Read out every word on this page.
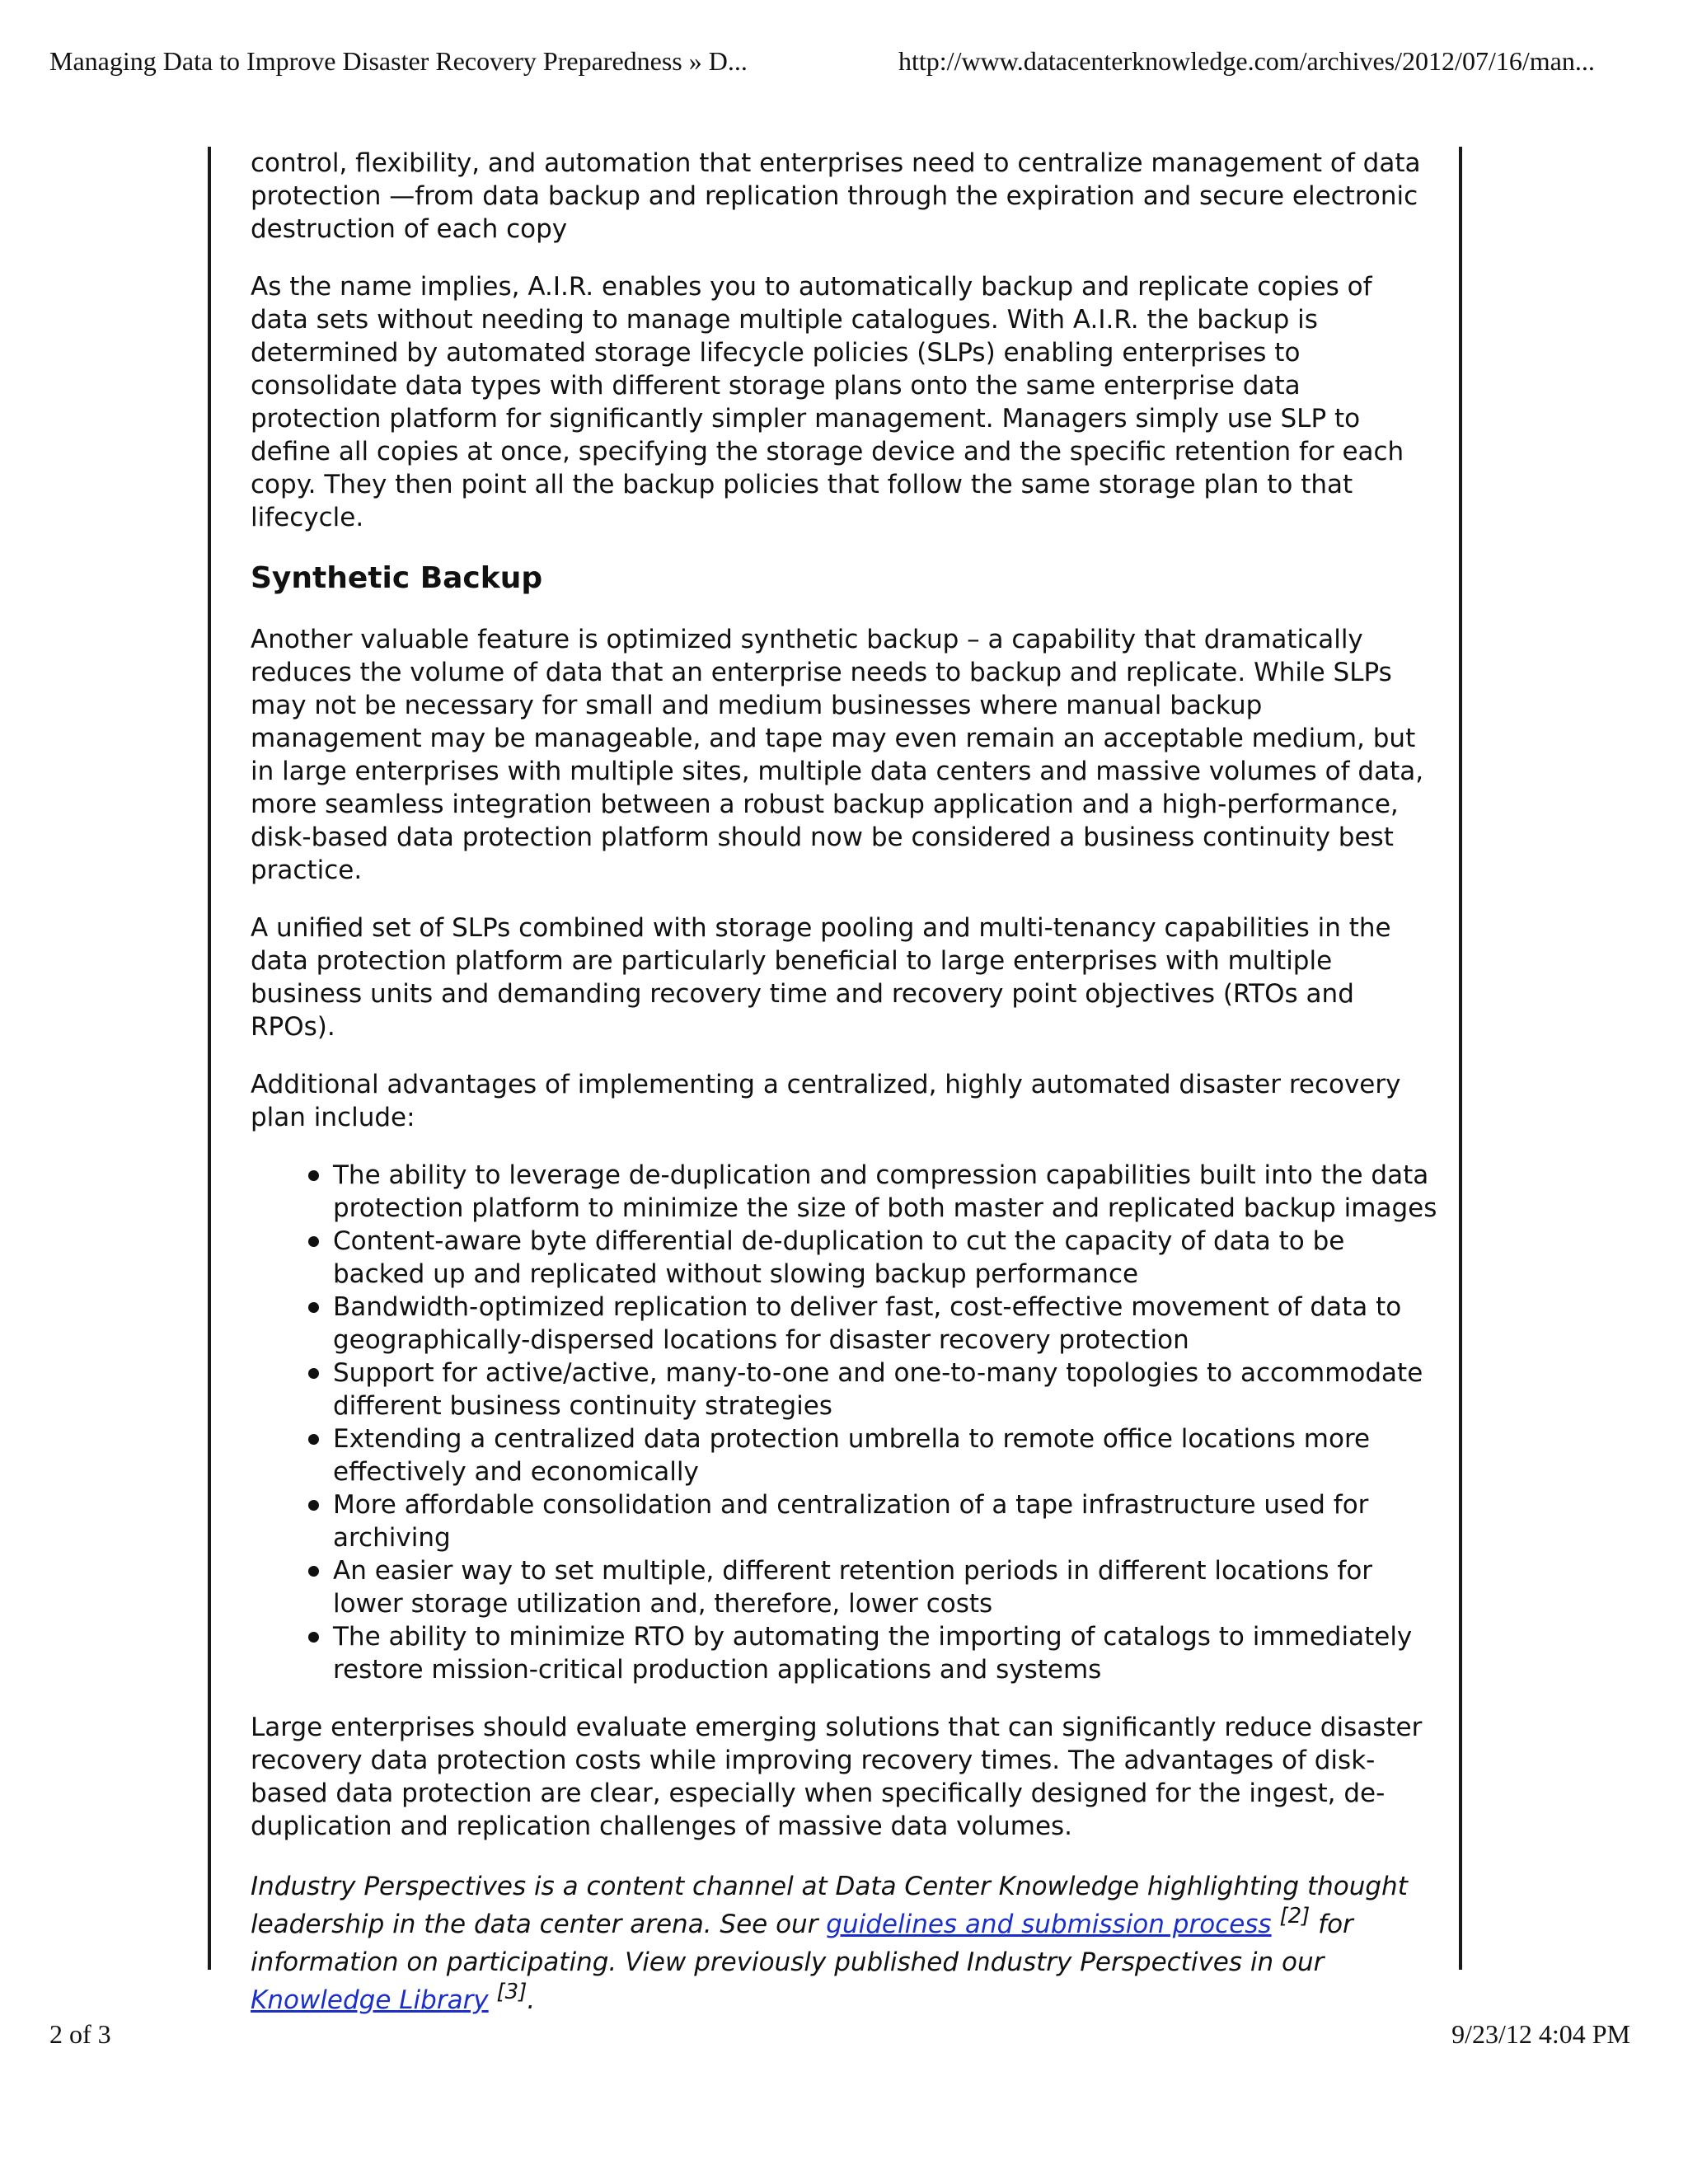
Managing Data to Improve Disaster Recovery Preparedness » D...	http://www.datacenterknowledge.com/archives/2012/07/16/man...

control, flexibility, and automation that enterprises need to centralize management of data protection —from data backup and replication through the expiration and secure electronic destruction of each copy

As the name implies, A.I.R. enables you to automatically backup and replicate copies of data sets without needing to manage multiple catalogues. With A.I.R. the backup is determined by automated storage lifecycle policies (SLPs) enabling enterprises to consolidate data types with different storage plans onto the same enterprise data protection platform for significantly simpler management. Managers simply use SLP to define all copies at once, specifying the storage device and the specific retention for each copy. They then point all the backup policies that follow the same storage plan to that lifecycle.

Synthetic Backup

Another valuable feature is optimized synthetic backup – a capability that dramatically reduces the volume of data that an enterprise needs to backup and replicate. While SLPs may not be necessary for small and medium businesses where manual backup management may be manageable, and tape may even remain an acceptable medium, but in large enterprises with multiple sites, multiple data centers and massive volumes of data, more seamless integration between a robust backup application and a high-performance, disk-based data protection platform should now be considered a business continuity best practice.

A unified set of SLPs combined with storage pooling and multi-tenancy capabilities in the data protection platform are particularly beneficial to large enterprises with multiple business units and demanding recovery time and recovery point objectives (RTOs and RPOs).

Additional advantages of implementing a centralized, highly automated disaster recovery plan include:

The ability to leverage de-duplication and compression capabilities built into the data protection platform to minimize the size of both master and replicated backup images
Content-aware byte differential de-duplication to cut the capacity of data to be backed up and replicated without slowing backup performance
Bandwidth-optimized replication to deliver fast, cost-effective movement of data to geographically-dispersed locations for disaster recovery protection
Support for active/active, many-to-one and one-to-many topologies to accommodate different business continuity strategies
Extending a centralized data protection umbrella to remote office locations more effectively and economically
More affordable consolidation and centralization of a tape infrastructure used for archiving
An easier way to set multiple, different retention periods in different locations for lower storage utilization and, therefore, lower costs
The ability to minimize RTO by automating the importing of catalogs to immediately restore mission-critical production applications and systems

Large enterprises should evaluate emerging solutions that can significantly reduce disaster recovery data protection costs while improving recovery times. The advantages of disk-based data protection are clear, especially when specifically designed for the ingest, de-duplication and replication challenges of massive data volumes.

Industry Perspectives is a content channel at Data Center Knowledge highlighting thought leadership in the data center arena. See our guidelines and submission process [2] for information on participating. View previously published Industry Perspectives in our Knowledge Library [3].

2 of 3	9/23/12 4:04 PM
